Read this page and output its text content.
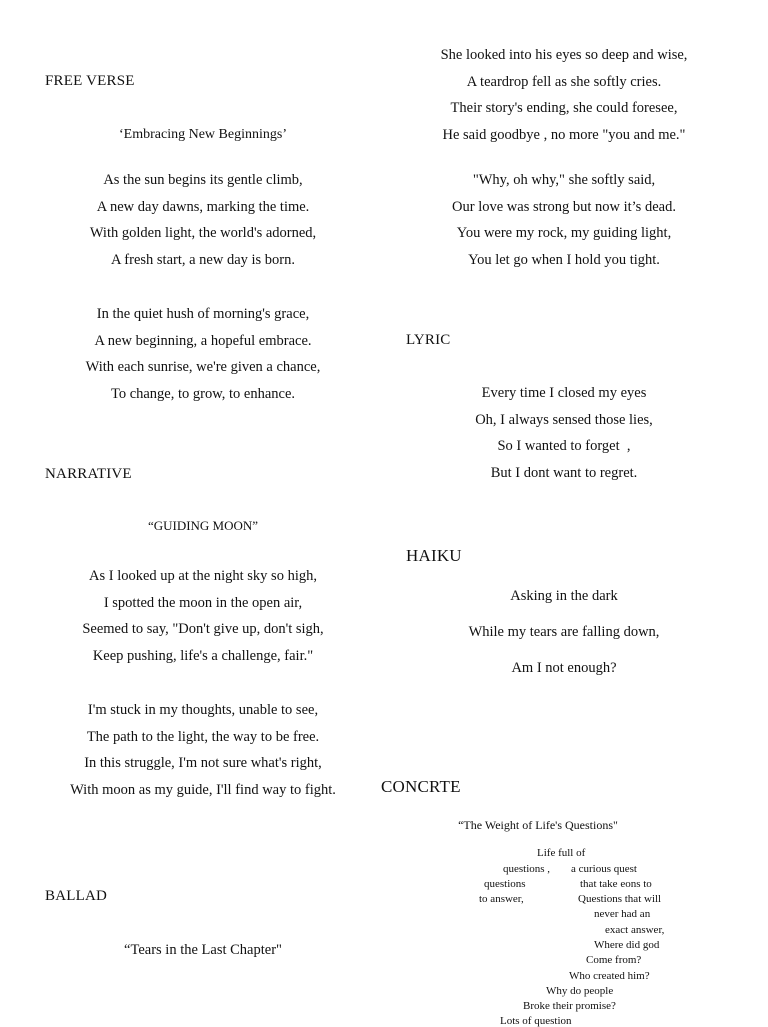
FREE VERSE
‘Embracing New Beginnings’
As the sun begins its gentle climb,
A new day dawns, marking the time.
With golden light, the world's adorned,
A fresh start, a new day is born.
In the quiet hush of morning's grace,
A new beginning, a hopeful embrace.
With each sunrise, we're given a chance,
To change, to grow, to enhance.
NARRATIVE
“GUIDING MOON”
As I looked up at the night sky so high,
I spotted the moon in the open air,
Seemed to say, "Don't give up, don't sigh,
Keep pushing, life's a challenge, fair."
I'm stuck in my thoughts, unable to see,
The path to the light, the way to be free.
In this struggle, I'm not sure what's right,
With moon as my guide, I'll find way to fight.
BALLAD
“Tears in the Last Chapter"
She looked into his eyes so deep and wise,
A teardrop fell as she softly cries.
Their story's ending, she could foresee,
He said goodbye , no more "you and me."
"Why, oh why," she softly said,
Our love was strong but now it’s dead.
You were my rock, my guiding light,
You let go when I hold you tight.
LYRIC
Every time I closed my eyes
Oh, I always sensed those lies,
So I wanted to forget  ,
But I dont want to regret.
HAIKU
Asking in the dark
While my tears are falling down,
Am I not enough?
CONCRTE
“The Weight of Life's Questions"
Life full of
questions , a curious quest
questions	that take eons to
to answer,	Questions that will
never had an
exact answer,
Where did god
Come from?
Who created him?
Why do people
Broke their promise?
Lots of question
